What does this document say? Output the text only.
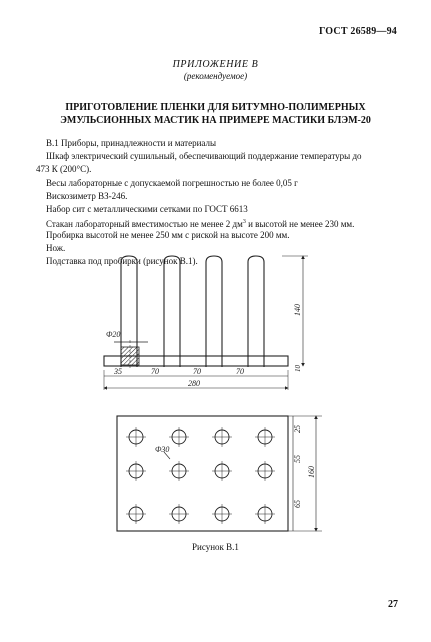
ГОСТ 26589—94
ПРИЛОЖЕНИЕ В
(рекомендуемое)
ПРИГОТОВЛЕНИЕ ПЛЕНКИ ДЛЯ БИТУМНО-ПОЛИМЕРНЫХ
ЭМУЛЬСИОННЫХ МАСТИК НА ПРИМЕРЕ МАСТИКИ БЛЭМ-20
В.1 Приборы, принадлежности и материалы
Шкаф электрический сушильный, обеспечивающий поддержание температуры до
473 К (200°С).
Весы лабораторные с допускаемой погрешностью не более 0,05 г
Вискозиметр ВЗ-246.
Набор сит с металлическими сетками по ГОСТ 6613
Стакан лабораторный вместимостью не менее 2 $дм^3$ и высотой не менее 230 мм.
Пробирка высотой не менее 250 мм с риской на высоте 200 мм.
Нож.
Подставка под пробирки (рисунок В.1).
Ф20
35	70	70	70
280
140
10
Ф30
25
55
65
160
Рисунок В.1
27
